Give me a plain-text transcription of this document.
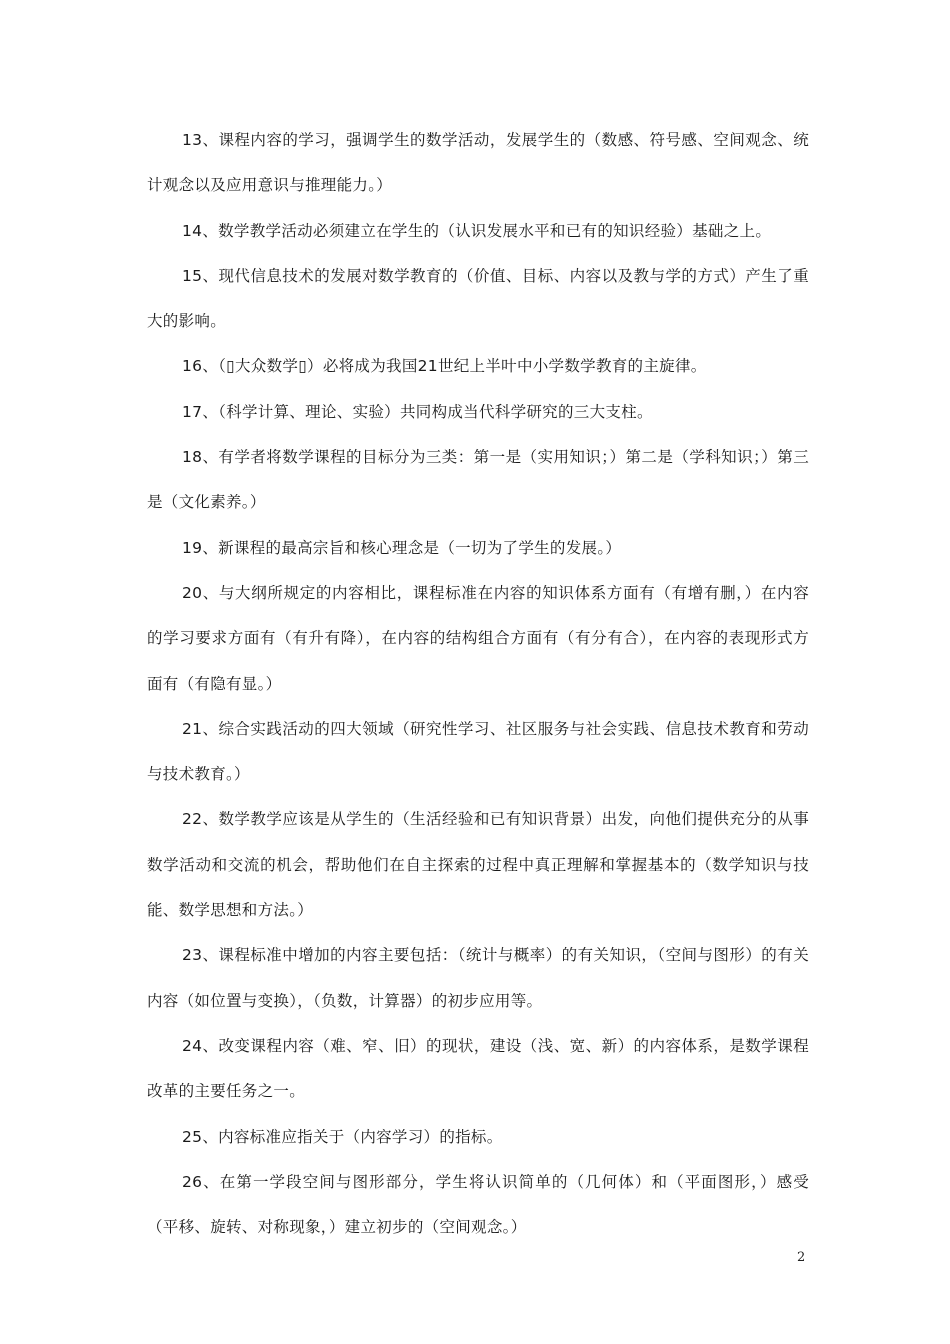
13、课程内容的学习，强调学生的数学活动，发展学生的（数感、符号感、空间观念、统计观念以及应用意识与推理能力。）

14、数学教学活动必须建立在学生的（认识发展水平和已有的知识经验）基础之上。

15、现代信息技术的发展对数学教育的（价值、目标、内容以及教与学的方式）产生了重大的影响。

16、（▯大众数学▯）必将成为我国21世纪上半叶中小学数学教育的主旋律。

17、（科学计算、理论、实验）共同构成当代科学研究的三大支柱。

18、有学者将数学课程的目标分为三类：第一是（实用知识；）第二是（学科知识；）第三是（文化素养。）

19、新课程的最高宗旨和核心理念是（一切为了学生的发展。）

20、与大纲所规定的内容相比，课程标准在内容的知识体系方面有（有增有删，）在内容的学习要求方面有（有升有降），在内容的结构组合方面有（有分有合），在内容的表现形式方面有（有隐有显。）

21、综合实践活动的四大领域（研究性学习、社区服务与社会实践、信息技术教育和劳动与技术教育。）

22、数学教学应该是从学生的（生活经验和已有知识背景）出发，向他们提供充分的从事数学活动和交流的机会，帮助他们在自主探索的过程中真正理解和掌握基本的（数学知识与技能、数学思想和方法。）

23、课程标准中增加的内容主要包括：（统计与概率）的有关知识，（空间与图形）的有关内容（如位置与变换），（负数，计算器）的初步应用等。

24、改变课程内容（难、窄、旧）的现状，建设（浅、宽、新）的内容体系，是数学课程改革的主要任务之一。

25、内容标准应指关于（内容学习）的指标。

26、在第一学段空间与图形部分，学生将认识简单的（几何体）和（平面图形，）感受（平移、旋转、对称现象，）建立初步的（空间观念。）

2
